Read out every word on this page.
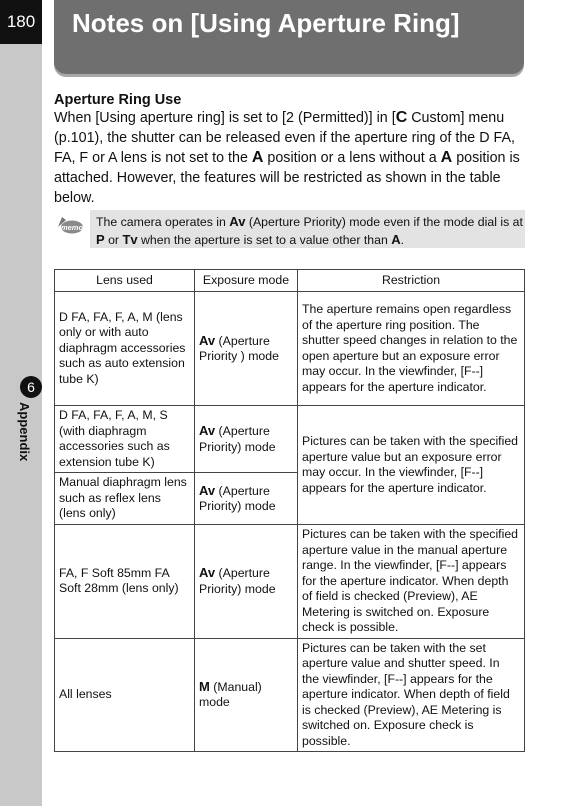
180
6
Appendix
Notes on [Using Aperture Ring]
Aperture Ring Use
When [Using aperture ring] is set to [2 (Permitted)] in [C Custom] menu (p.101), the shutter can be released even if the aperture ring of the D FA, FA, F or A lens is not set to the A position or a lens without a A position is attached. However, the features will be restricted as shown in the table below.
memo The camera operates in Av (Aperture Priority) mode even if the mode dial is at P or Tv when the aperture is set to a value other than A.
Lens used	Exposure mode	Restriction
D FA, FA, F, A, M (lens only or with auto diaphragm accessories such as auto extension tube K)	Av (Aperture Priority ) mode	The aperture remains open regardless of the aperture ring position. The shutter speed changes in relation to the open aperture but an exposure error may occur. In the viewfinder, [F--] appears for the aperture indicator.
D FA, FA, F, A, M, S (with diaphragm accessories such as extension tube K)	Av (Aperture Priority) mode	Pictures can be taken with the specified aperture value but an exposure error may occur. In the viewfinder, [F--] appears for the aperture indicator.
Manual diaphragm lens such as reflex lens (lens only)	Av (Aperture Priority) mode	
FA, F Soft 85mm FA Soft 28mm (lens only)	Av (Aperture Priority) mode	Pictures can be taken with the specified aperture value in the manual aperture range. In the viewfinder, [F--] appears for the aperture indicator. When depth of field is checked (Preview), AE Metering is switched on. Exposure check is possible.
All lenses	M (Manual) mode	Pictures can be taken with the set aperture value and shutter speed. In the viewfinder, [F--] appears for the aperture indicator. When depth of field is checked (Preview), AE Metering is switched on. Exposure check is possible.
